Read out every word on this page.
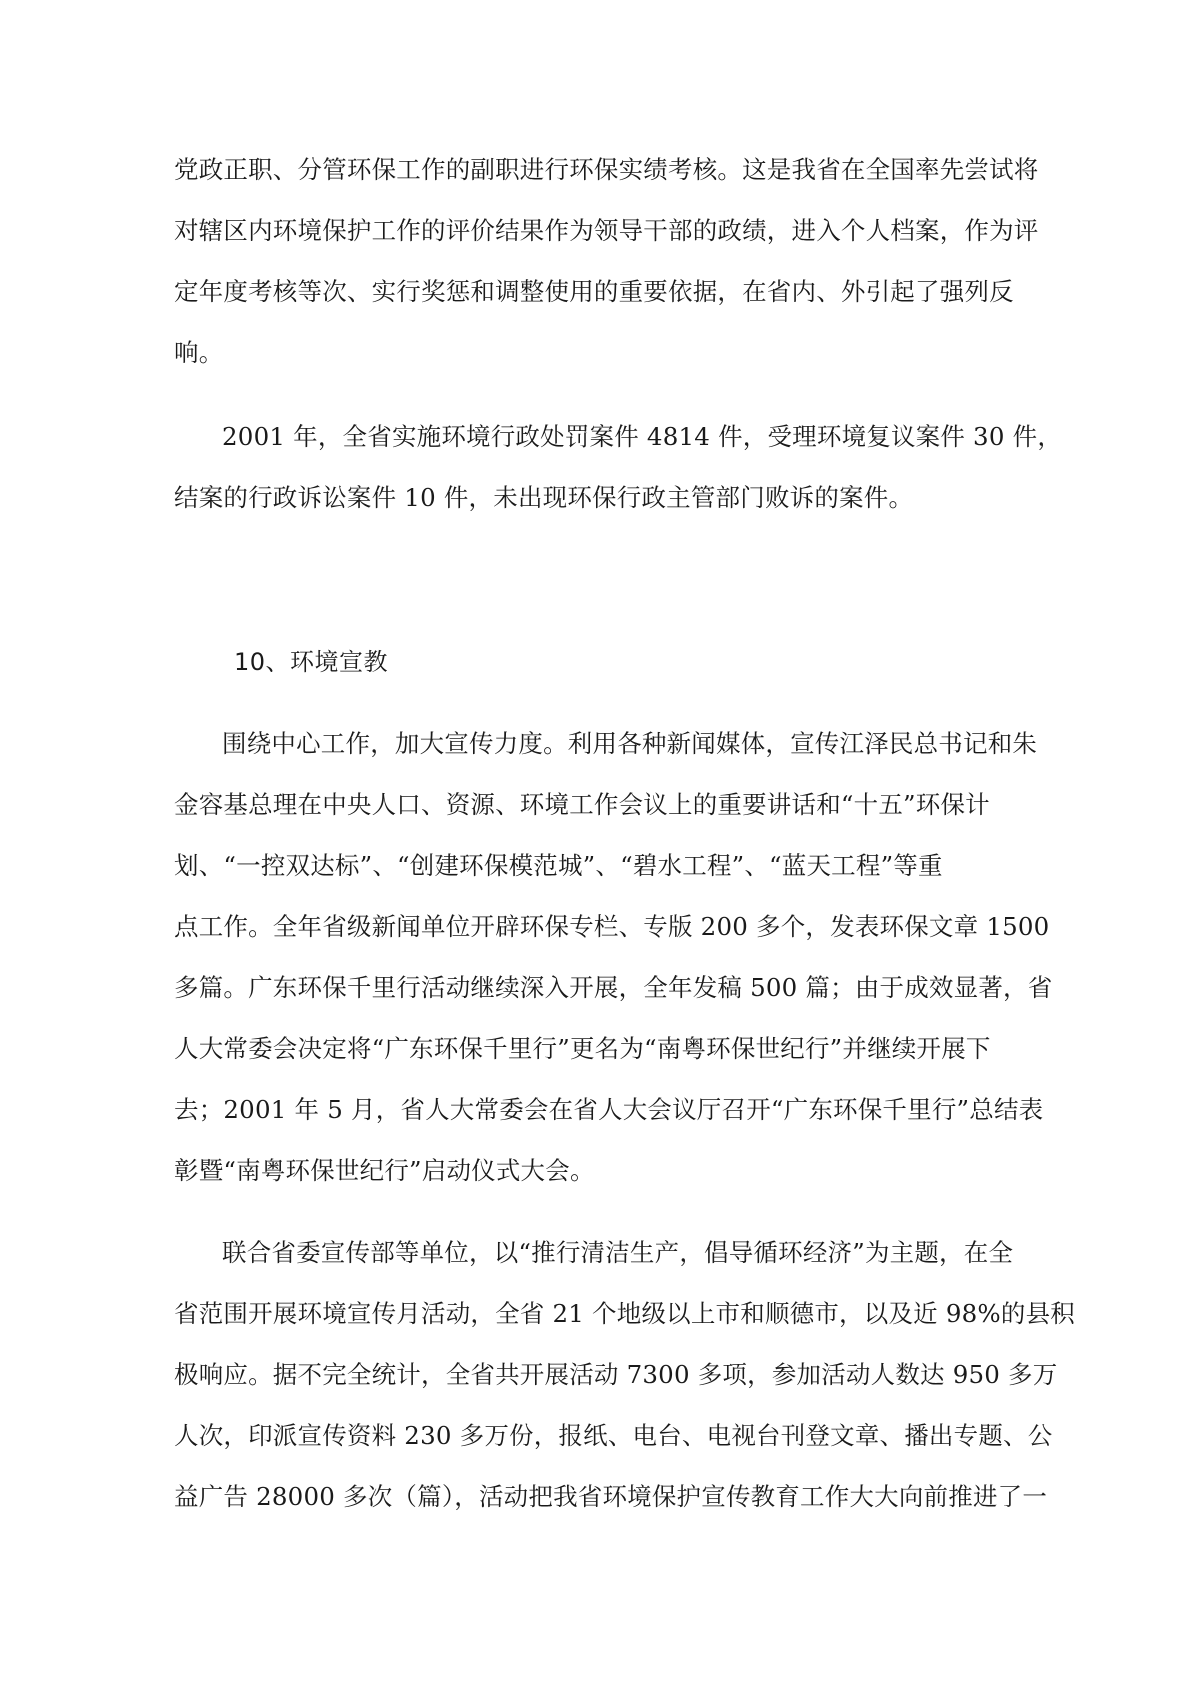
党政正职、分管环保工作的副职进行环保实绩考核。这是我省在全国率先尝试将
对辖区内环境保护工作的评价结果作为领导干部的政绩，进入个人档案，作为评
定年度考核等次、实行奖惩和调整使用的重要依据，在省内、外引起了强列反
响。
2001 年，全省实施环境行政处罚案件 4814 件，受理环境复议案件 30 件，
结案的行政诉讼案件 10 件，未出现环保行政主管部门败诉的案件。
10、环境宣教
围绕中心工作，加大宣传力度。利用各种新闻媒体，宣传江泽民总书记和朱
金容基总理在中央人口、资源、环境工作会议上的重要讲话和“十五”环保计
划、“一控双达标”、“创建环保模范城”、“碧水工程”、“蓝天工程”等重
点工作。全年省级新闻单位开辟环保专栏、专版 200 多个，发表环保文章 1500
多篇。广东环保千里行活动继续深入开展，全年发稿 500 篇；由于成效显著，省
人大常委会决定将“广东环保千里行”更名为“南粤环保世纪行”并继续开展下
去；2001 年 5 月，省人大常委会在省人大会议厅召开“广东环保千里行”总结表
彰暨“南粤环保世纪行”启动仪式大会。
联合省委宣传部等单位，以“推行清洁生产，倡导循环经济”为主题，在全
省范围开展环境宣传月活动，全省 21 个地级以上市和顺德市，以及近 98%的县积
极响应。据不完全统计，全省共开展活动 7300 多项，参加活动人数达 950 多万
人次，印派宣传资料 230 多万份，报纸、电台、电视台刊登文章、播出专题、公
益广告 28000 多次（篇），活动把我省环境保护宣传教育工作大大向前推进了一
